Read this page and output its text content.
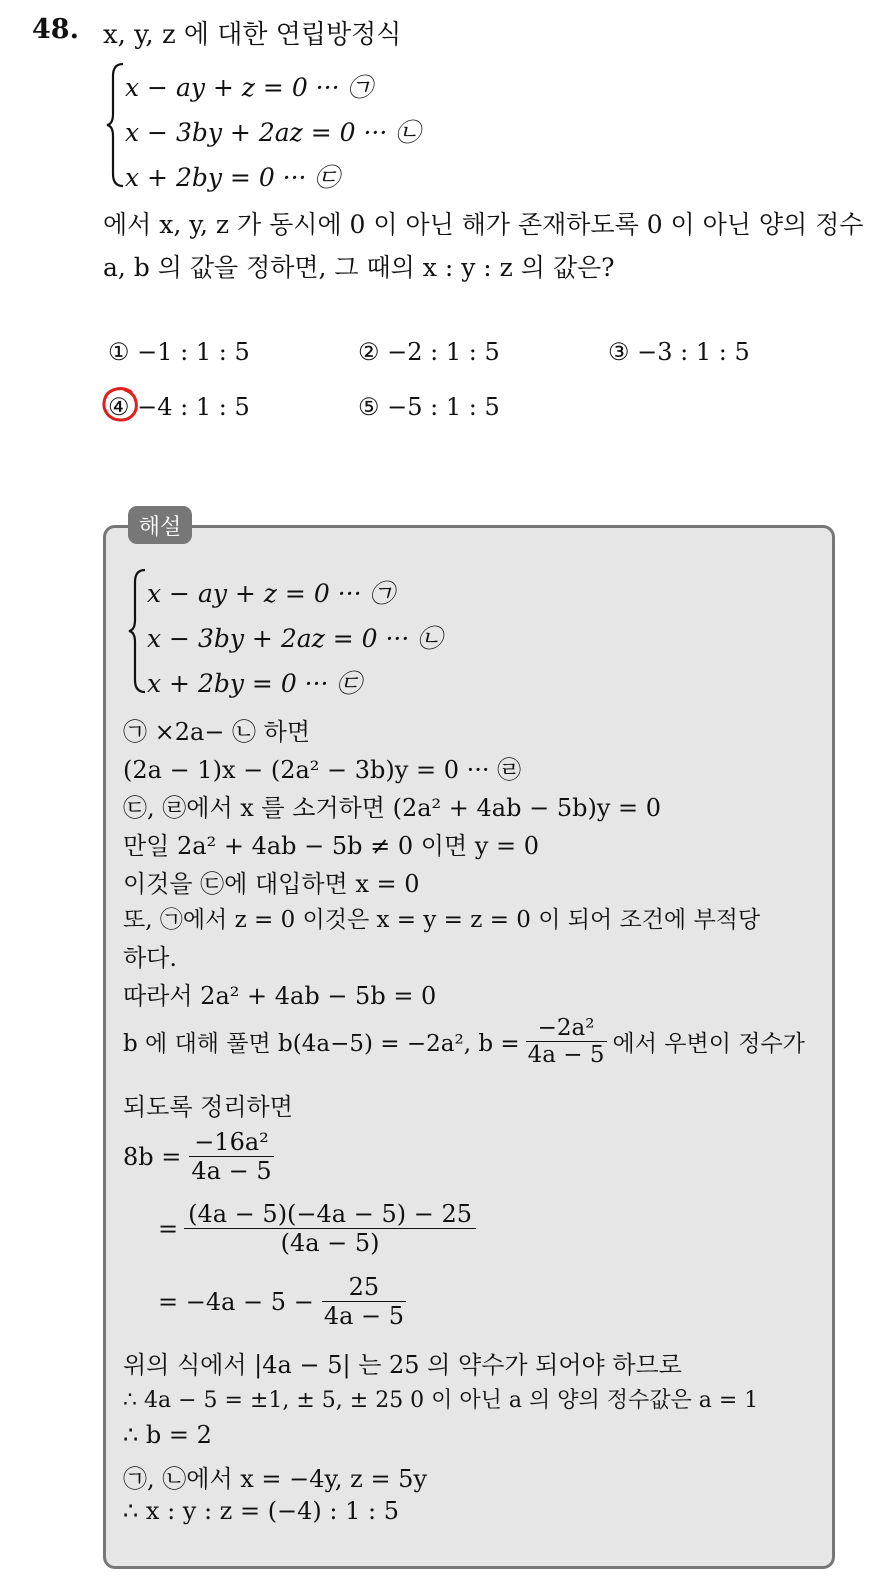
48. x, y, z 에 대한 연립방정식
x − ay + z = 0 ··· ㉠
x − 3by + 2az = 0 ··· ㉡
x + 2by = 0 ··· ㉢
에서 x, y, z 가 동시에 0 이 아닌 해가 존재하도록 0 이 아닌 양의 정수
a, b 의 값을 정하면, 그 때의 x : y : z 의 값은?
① −1 : 1 : 5	② −2 : 1 : 5	③ −3 : 1 : 5
④ −4 : 1 : 5	⑤ −5 : 1 : 5
해설
x − ay + z = 0 ··· ㉠
x − 3by + 2az = 0 ··· ㉡
x + 2by = 0 ··· ㉢
㉠ ×2a− ㉡ 하면
(2a − 1)x − (2a² − 3b)y = 0 ··· ㉣
㉢, ㉣에서 x 를 소거하면 (2a² + 4ab − 5b)y = 0
만일 2a² + 4ab − 5b ≠ 0 이면 y = 0
이것을 ㉢에 대입하면 x = 0
또, ㉠에서 z = 0 이것은 x = y = z = 0 이 되어 조건에 부적당
하다.
따라서 2a² + 4ab − 5b = 0
b 에 대해 풀면 b(4a−5) = −2a², $b = \frac{\text{−2a²}}{4a - 5}$ 에서 우변이 정수가
되도록 정리하면
$8b = \frac{\text{−16a²}}{4a - 5}$
= $\frac{(4a - 5)(-4a - 5) - 25}{(4a - 5)}$
= $-4a - 5 - \frac{25}{4a - 5}$
위의 식에서 |4a − 5| 는 25 의 약수가 되어야 하므로
∴ 4a − 5 = ±1, ± 5, ± 25 0 이 아닌 a 의 양의 정수값은 a = 1
∴ b = 2
㉠, ㉡에서 x = −4y, z = 5y
∴ x : y : z = (−4) : 1 : 5
